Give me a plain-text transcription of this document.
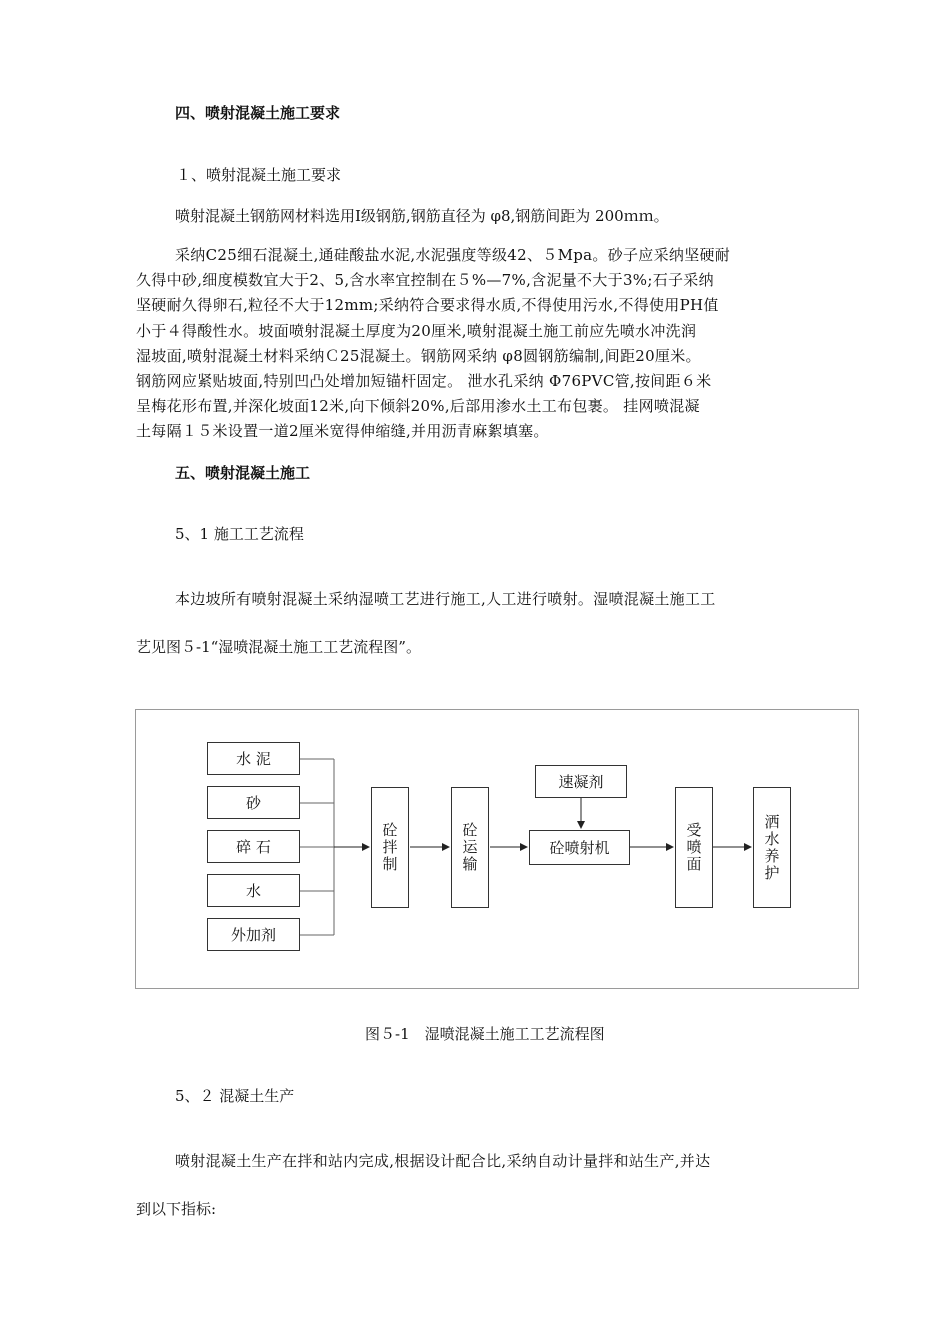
四、喷射混凝土施工要求
１、喷射混凝土施工要求
喷射混凝土钢筋网材料选用Ⅰ级钢筋,钢筋直径为 φ8,钢筋间距为 200ｍｍ。

采纳C25细石混凝土,通硅酸盐水泥,水泥强度等级42、５Mpa。砂子应采纳坚硬耐

久得中砂,细度模数宜大于2、5,含水率宜控制在５%—7%,含泥量不大于3%;石子采纳

坚硬耐久得卵石,粒径不大于12mm;采纳符合要求得水质,不得使用污水,不得使用PH值

小于４得酸性水。坡面喷射混凝土厚度为20厘米,喷射混凝土施工前应先喷水冲洗润

湿坡面,喷射混凝土材料采纳Ｃ25混凝土。钢筋网采纳 φ8圆钢筋编制,间距20厘米。

钢筋网应紧贴坡面,特别凹凸处增加短锚杆固定。 泄水孔采纳 Φ76PVC管,按间距６米

呈梅花形布置,并深化坡面12米,向下倾斜20%,后部用渗水土工布包裹。 挂网喷混凝

土每隔１５米设置一道2厘米宽得伸缩缝,并用沥青麻絮填塞。

五、喷射混凝土施工
5、1 施工工艺流程
本边坡所有喷射混凝土采纳湿喷工艺进行施工,人工进行喷射。湿喷混凝土施工工
艺见图５-1“湿喷混凝土施工工艺流程图”。
水 泥
砂
碎 石
水
外加剂
砼拌制	砼运输
速凝剂
砼喷射机	受喷面	洒水养护
图５-1　湿喷混凝土施工工艺流程图
5、２ 混凝土生产
喷射混凝土生产在拌和站内完成,根据设计配合比,采纳自动计量拌和站生产,并达
到以下指标:
